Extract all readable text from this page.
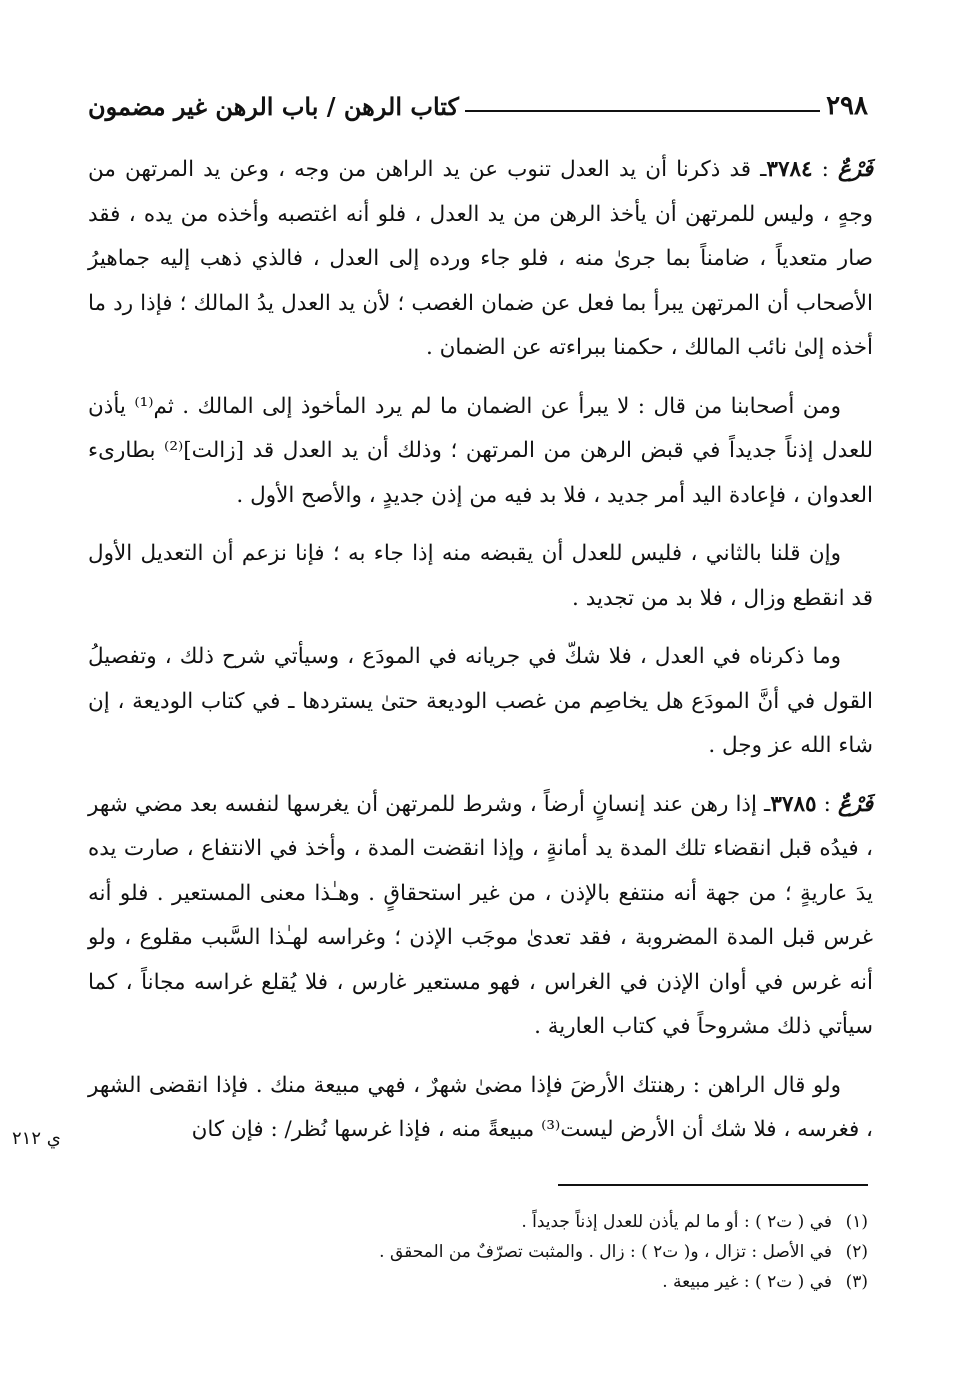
٢٩٨
كتاب الرهن / باب الرهن غير مضمون

فَرْعٌ : ٣٧٨٤ـ قد ذكرنا أن يد العدل تنوب عن يد الراهن من وجه ، وعن يد المرتهن من وجهٍ ، وليس للمرتهن أن يأخذ الرهن من يد العدل ، فلو أنه اغتصبه وأخذه من يده ، فقد صار متعدياً ، ضامناً بما جرىٰ منه ، فلو جاء ورده إلى العدل ، فالذي ذهب إليه جماهيرُ الأصحاب أن المرتهن يبرأ بما فعل عن ضمان الغصب ؛ لأن يد العدل يدُ المالك ؛ فإذا رد ما أخذه إلىٰ نائب المالك ، حكمنا ببراءته عن الضمان .

ومن أصحابنا من قال : لا يبرأ عن الضمان ما لم يرد المأخوذ إلى المالك . ثم⁽¹⁾ يأذن للعدل إذناً جديداً في قبض الرهن من المرتهن ؛ وذلك أن يد العدل قد [زالت]⁽²⁾ بطارىء العدوان ، فإعادة اليد أمر جديد ، فلا بد فيه من إذن جديدٍ ، والأصح الأول .

وإن قلنا بالثاني ، فليس للعدل أن يقبضه منه إذا جاء به ؛ فإنا نزعم أن التعديل الأول قد انقطع وزال ، فلا بد من تجديد .

وما ذكرناه في العدل ، فلا شكّ في جريانه في المودَع ، وسيأتي شرح ذلك ، وتفصيلُ القول في أنَّ المودَع هل يخاصِم من غصب الوديعة حتىٰ يستردها ـ في كتاب الوديعة ، إن شاء الله عز وجل .

فَرْعٌ : ٣٧٨٥ـ إذا رهن عند إنسانٍ أرضاً ، وشرط للمرتهن أن يغرسها لنفسه بعد مضي شهر ، فيدُه قبل انقضاء تلك المدة يد أمانةٍ ، وإذا انقضت المدة ، وأخذ في الانتفاع ، صارت يده يدَ عاريةٍ ؛ من جهة أنه منتفع بالإذن ، من غير استحقاقٍ . وهـٰذا معنى المستعير . فلو أنه غرس قبل المدة المضروبة ، فقد تعدىٰ موجَب الإذن ؛ وغراسه لهـٰذا السَّبب مقلوع ، ولو أنه غرس في أوان الإذن في الغراس ، فهو مستعير غارس ، فلا يُقلع غراسه مجاناً ، كما سيأتي ذلك مشروحاً في كتاب العارية .

ولو قال الراهن : رهنتك الأرضَ فإذا مضىٰ شهرٌ ، فهي مبيعة منك . فإذا انقضى الشهر ، فغرسه ، فلا شك أن الأرض ليست⁽³⁾ مبيعةً منه ، فإذا غرسها نُظر/ : فإن كان

ي ٢١٢
(١)في ( ت٢ ) : أو ما لم يأذن للعدل إذناً جديداً .
(٢)في الأصل : تزال ، و( ت٢ ) : زال . والمثبت تصرّفٌ من المحقق .
(٣)في ( ت٢ ) : غير مبيعة .
